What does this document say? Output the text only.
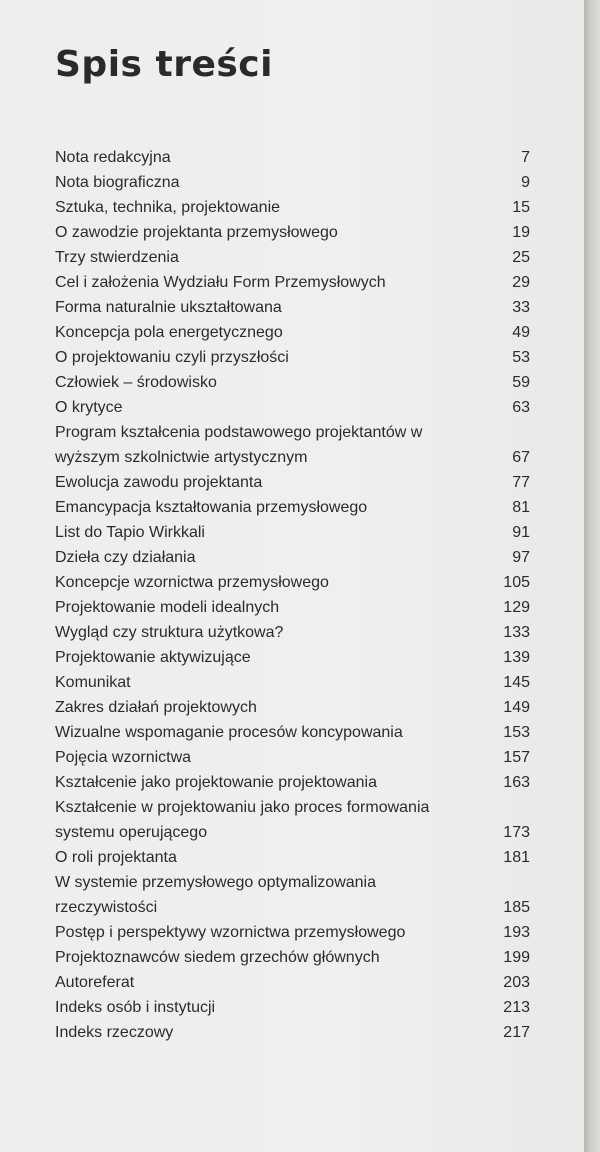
Spis treści
Nota redakcyjna	7
Nota biograficzna	9
Sztuka, technika, projektowanie	15
O zawodzie projektanta przemysłowego	19
Trzy stwierdzenia	25
Cel i założenia Wydziału Form Przemysłowych	29
Forma naturalnie ukształtowana	33
Koncepcja pola energetycznego	49
O projektowaniu czyli przyszłości	53
Człowiek – środowisko	59
O krytyce	63
Program kształcenia podstawowego projektantów w wyższym szkolnictwie artystycznym	67
Ewolucja zawodu projektanta	77
Emancypacja kształtowania przemysłowego	81
List do Tapio Wirkkali	91
Dzieła czy działania	97
Koncepcje wzornictwa przemysłowego	105
Projektowanie modeli idealnych	129
Wygląd czy struktura użytkowa?	133
Projektowanie aktywizujące	139
Komunikat	145
Zakres działań projektowych	149
Wizualne wspomaganie procesów koncypowania	153
Pojęcia wzornictwa	157
Kształcenie jako projektowanie projektowania	163
Kształcenie w projektowaniu jako proces formowania systemu operującego	173
O roli projektanta	181
W systemie przemysłowego optymalizowania rzeczywistości	185
Postęp i perspektywy wzornictwa przemysłowego	193
Projektoznawców siedem grzechów głównych	199
Autoreferat	203
Indeks osób i instytucji	213
Indeks rzeczowy	217
